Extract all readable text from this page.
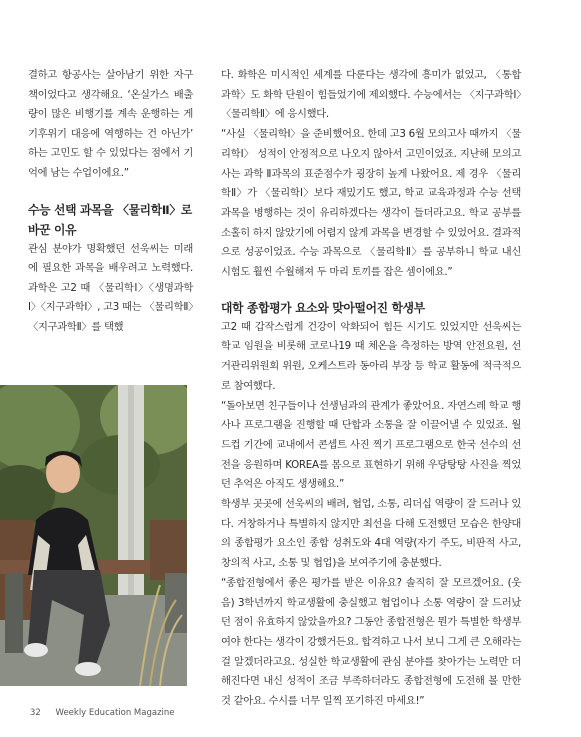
결하고 항공사는 살아남기 위한 자구책이었다고 생각해요. ‘온실가스 배출량이 많은 비행기를 계속 운행하는 게 기후위기 대응에 역행하는 건 아닌가’ 하는 고민도 할 수 있었다는 점에서 기억에 남는 수업이에요.”

수능 선택 과목을 〈물리학Ⅱ〉로 바꾼 이유

관심 분야가 명확했던 선욱씨는 미래에 필요한 과목을 배우려고 노력했다. 과학은 고2 때 〈물리학Ⅰ〉〈생명과학Ⅰ〉〈지구과학Ⅰ〉, 고3 때는 〈물리학Ⅱ〉〈지구과학Ⅱ〉를 택했

다. 화학은 미시적인 세계를 다룬다는 생각에 흥미가 없었고, 〈통합과학〉도 화학 단원이 힘들었기에 제외했다. 수능에서는 〈지구과학Ⅰ〉〈물리학Ⅱ〉에 응시했다.

“사실 〈물리학Ⅰ〉을 준비했어요. 한데 고3 6월 모의고사 때까지 〈물리학Ⅰ〉 성적이 안정적으로 나오지 않아서 고민이었죠. 지난해 모의고사는 과학 Ⅱ과목의 표준점수가 굉장히 높게 나왔어요. 제 경우 〈물리학Ⅱ〉가 〈물리학Ⅰ〉보다 재밌기도 했고, 학교 교육과정과 수능 선택 과목을 병행하는 것이 유리하겠다는 생각이 들더라고요. 학교 공부를 소홀히 하지 않았기에 어렵지 않게 과목을 변경할 수 있었어요. 결과적으로 성공이었죠. 수능 과목으로 〈물리학Ⅱ〉를 공부하니 학교 내신 시험도 훨씬 수월해져 두 마리 토끼를 잡은 셈이에요.”

대학 종합평가 요소와 맞아떨어진 학생부

고2 때 갑작스럽게 건강이 악화되어 힘든 시기도 있었지만 선욱씨는 학교 임원을 비롯해 코로나19 때 체온을 측정하는 방역 안전요원, 선거관리위원회 위원, 오케스트라 동아리 부장 등 학교 활동에 적극적으로 참여했다.

“돌아보면 친구들이나 선생님과의 관계가 좋았어요. 자연스레 학교 행사나 프로그램을 진행할 때 단합과 소통을 잘 이끌어낼 수 있었죠. 월드컵 기간에 교내에서 콘셉트 사진 찍기 프로그램으로 한국 선수의 선전을 응원하며 KOREA를 몸으로 표현하기 위해 우당탕탕 사진을 찍었던 추억은 아직도 생생해요.”

학생부 곳곳에 선욱씨의 배려, 협업, 소통, 리더십 역량이 잘 드러나 있다. 거창하거나 특별하지 않지만 최선을 다해 도전했던 모습은 한양대의 종합평가 요소인 종합 성취도와 4대 역량(자기 주도, 비판적 사고, 창의적 사고, 소통 및 협업)을 보여주기에 충분했다.

“종합전형에서 좋은 평가를 받은 이유요? 솔직히 잘 모르겠어요. (웃음) 3학년까지 학교생활에 충실했고 협업이나 소통 역량이 잘 드러났던 점이 유효하지 않았을까요? 그동안 종합전형은 뭔가 특별한 학생부여야 한다는 생각이 강했거든요. 합격하고 나서 보니 그게 큰 오해라는 걸 알겠더라고요. 성실한 학교생활에 관심 분야를 찾아가는 노력만 더해진다면 내신 성적이 조금 부족하더라도 종합전형에 도전해 볼 만한 것 같아요. 수시를 너무 일찍 포기하진 마세요!”

32 Weekly Education Magazine
